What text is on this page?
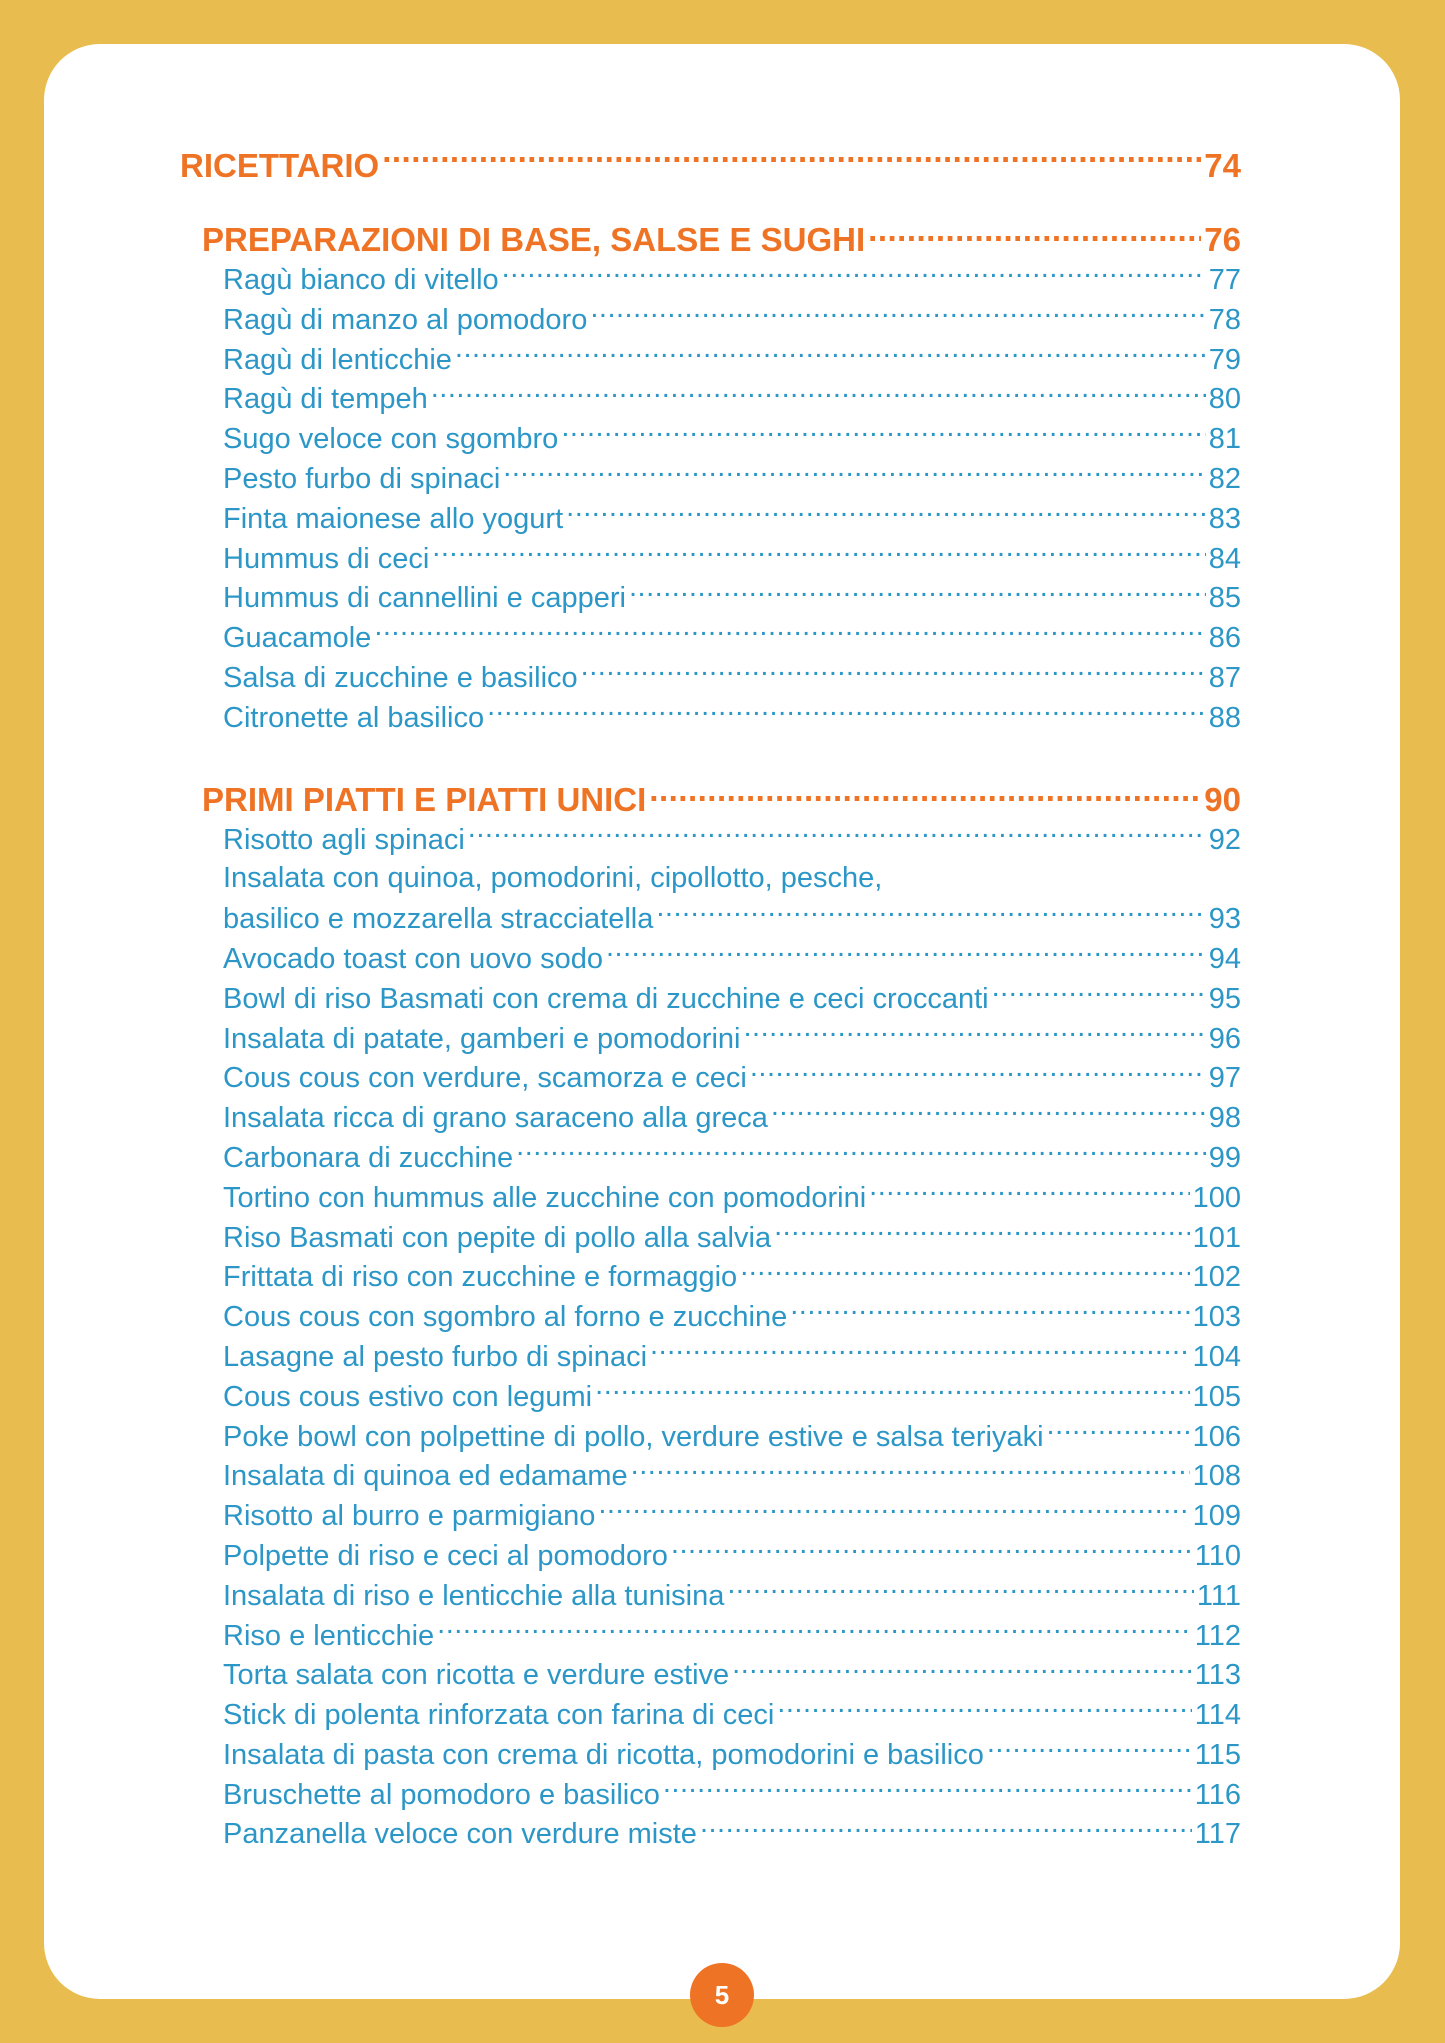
RICETTARIO .....	74
PREPARAZIONI DI BASE, SALSE E SUGHI .....	76
Ragù bianco di vitello .....	77
Ragù di manzo al pomodoro .....	78
Ragù di lenticchie .....	79
Ragù di tempeh .....	80
Sugo veloce con sgombro .....	81
Pesto furbo di spinaci .....	82
Finta maionese allo yogurt .....	83
Hummus di ceci .....	84
Hummus di cannellini e capperi .....	85
Guacamole .....	86
Salsa di zucchine e basilico .....	87
Citronette al basilico .....	88
PRIMI PIATTI E PIATTI UNICI .....	90
Risotto agli spinaci .....	92
Insalata con quinoa, pomodorini, cipollotto, pesche,
basilico e mozzarella stracciatella .....	93
Avocado toast con uovo sodo .....	94
Bowl di riso Basmati con crema di zucchine e ceci croccanti .....	95
Insalata di patate, gamberi e pomodorini .....	96
Cous cous con verdure, scamorza e ceci .....	97
Insalata ricca di grano saraceno alla greca .....	98
Carbonara di zucchine .....	99
Tortino con hummus alle zucchine con pomodorini .....	100
Riso Basmati con pepite di pollo alla salvia .....	101
Frittata di riso con zucchine e formaggio .....	102
Cous cous con sgombro al forno e zucchine .....	103
Lasagne al pesto furbo di spinaci .....	104
Cous cous estivo con legumi .....	105
Poke bowl con polpettine di pollo, verdure estive e salsa teriyaki .....	106
Insalata di quinoa ed edamame .....	108
Risotto al burro e parmigiano .....	109
Polpette di riso e ceci al pomodoro .....	110
Insalata di riso e lenticchie alla tunisina .....	111
Riso e lenticchie .....	112
Torta salata con ricotta e verdure estive .....	113
Stick di polenta rinforzata con farina di ceci .....	114
Insalata di pasta con crema di ricotta, pomodorini e basilico .....	115
Bruschette al pomodoro e basilico .....	116
Panzanella veloce con verdure miste .....	117
5
